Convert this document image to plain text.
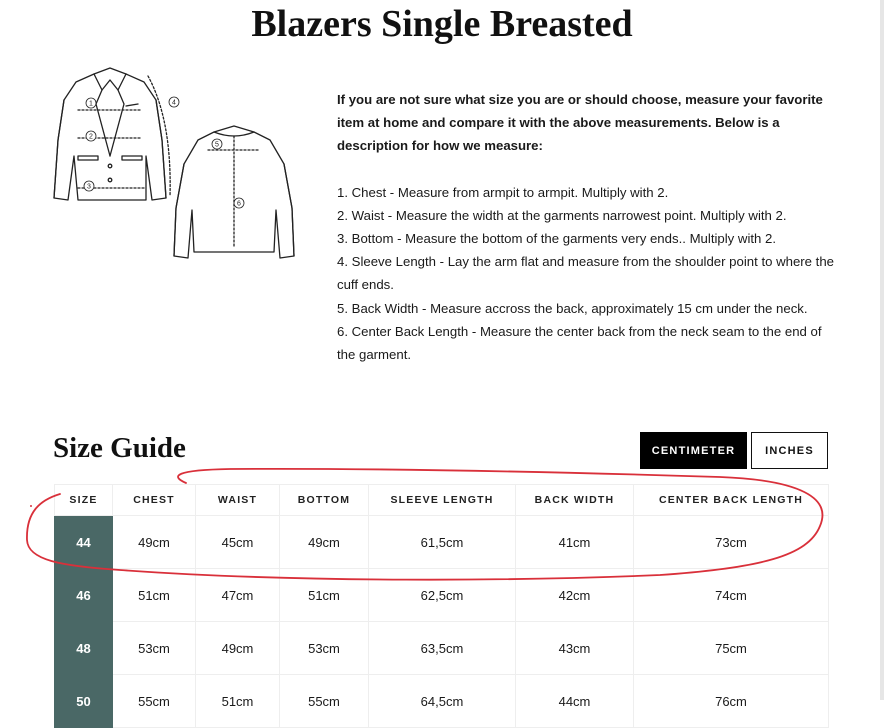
Blazers Single Breasted
1
2
3
4
5
6

If you are not sure what size you are or should choose, measure your favorite item at home and compare it with the above measurements. Below is a description for how we measure:

1. Chest - Measure from armpit to armpit. Multiply with 2.

2. Waist - Measure the width at the garments narrowest point. Multiply with 2.

3. Bottom - Measure the bottom of the garments very ends.. Multiply with 2.

4. Sleeve Length - Lay the arm flat and measure from the shoulder point to where the cuff ends.

5. Back Width - Measure accross the back, approximately 15 cm under the neck.

6. Center Back Length - Measure the center back from the neck seam to the end of the garment.

Size Guide	CENTIMETER	INCHES
SIZE	CHEST	WAIST	BOTTOM	SLEEVE LENGTH	BACK WIDTH	CENTER BACK LENGTH
44	49cm	45cm	49cm	61,5cm	41cm	73cm
46	51cm	47cm	51cm	62,5cm	42cm	74cm
48	53cm	49cm	53cm	63,5cm	43cm	75cm
50	55cm	51cm	55cm	64,5cm	44cm	76cm
